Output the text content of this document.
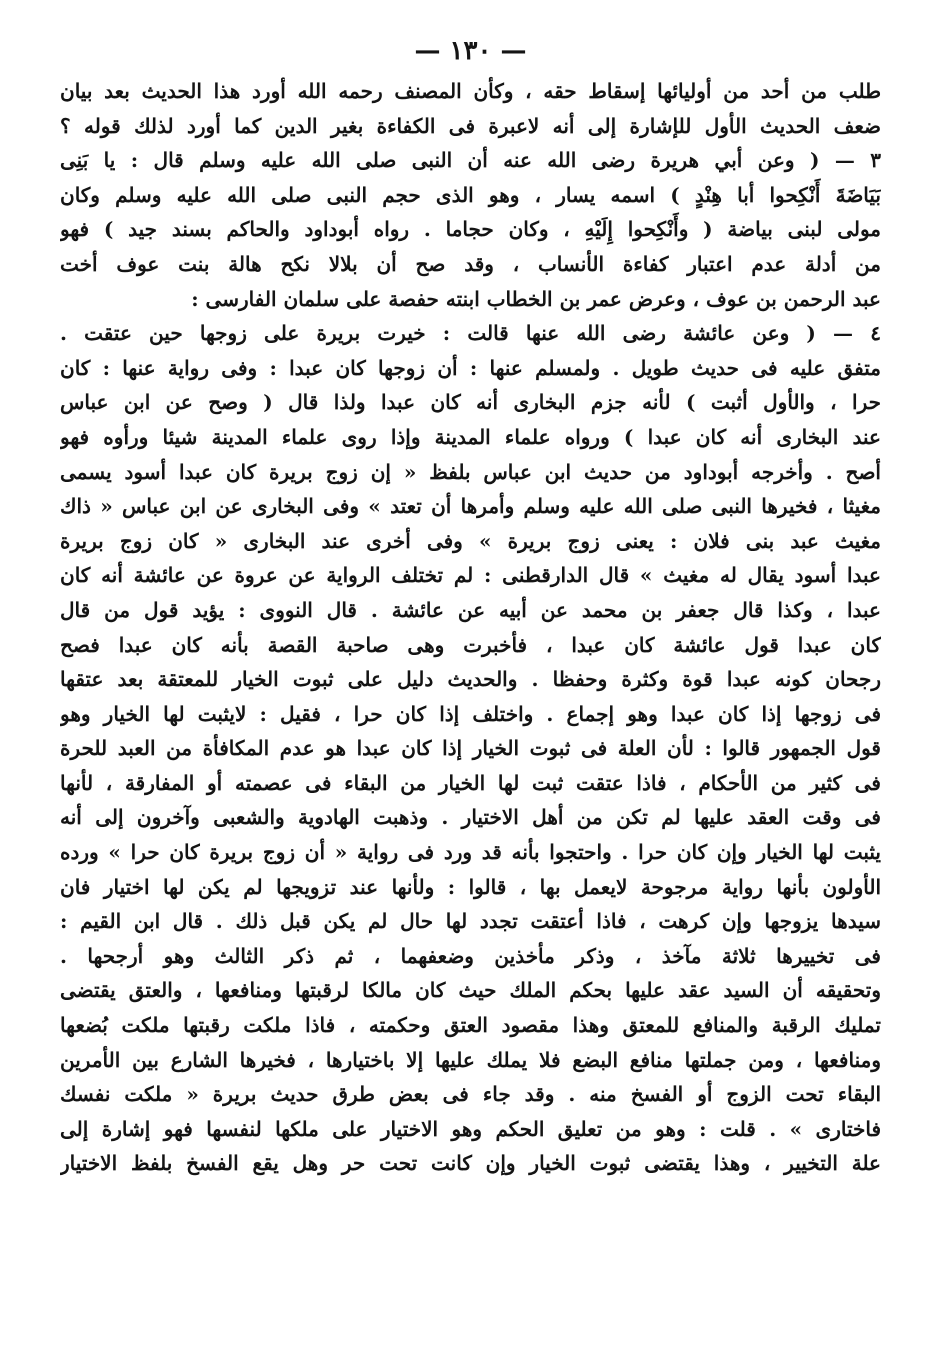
— ١٣٠ —
طلب من أحد من أوليائها إسقاط حقه ، وكأن المصنف رحمه الله أورد هذا الحديث بعد بيان
ضعف الحديث الأول للإشارة إلى أنه لاعبرة فى الكفاءة بغير الدين كما أورد لذلك قوله ؟
٣ — ( وعن أبي هريرة رضى الله عنه أن النبى صلى الله عليه وسلم قال : يا بَنِى
بَيَاضَةَ أَنْكِحوا أبا هِنْدٍ ) اسمه يسار ، وهو الذى حجم النبى صلى الله عليه وسلم وكان
مولى لبنى بياضة ( وأَنْكِحوا إِلَيْهِ ، وكان حجاما . رواه أبوداود والحاكم بسند جيد ) فهو
من أدلة عدم اعتبار كفاءة الأنساب ، وقد صح أن بلالا نكح هالة بنت عوف أخت
عبد الرحمن بن عوف ، وعرض عمر بن الخطاب ابنته حفصة على سلمان الفارسى :
٤ — ( وعن عائشة رضى الله عنها قالت : خيرت بريرة على زوجها حين عتقت .
متفق عليه فى حديث طويل . ولمسلم عنها : أن زوجها كان عبدا : وفى رواية عنها : كان
حرا ، والأول أثبت ) لأنه جزم البخارى أنه كان عبدا ولذا قال ( وصح عن ابن عباس
عند البخارى أنه كان عبدا ) ورواه علماء المدينة وإذا روى علماء المدينة شيئا ورأوه فهو
أصح . وأخرجه أبوداود من حديث ابن عباس بلفظ « إن زوج بريرة كان عبدا أسود يسمى
مغيثا ، فخيرها النبى صلى الله عليه وسلم وأمرها أن تعتد » وفى البخارى عن ابن عباس « ذاك
مغيث عبد بنى فلان : يعنى زوج بريرة » وفى أخرى عند البخارى « كان زوج بريرة
عبدا أسود يقال له مغيث » قال الدارقطنى : لم تختلف الرواية عن عروة عن عائشة أنه كان
عبدا ، وكذا قال جعفر بن محمد عن أبيه عن عائشة . قال النووى : يؤيد قول من قال
كان عبدا قول عائشة كان عبدا ، فأخبرت وهى صاحبة القصة بأنه كان عبدا فصح
رجحان كونه عبدا قوة وكثرة وحفظا . والحديث دليل على ثبوت الخيار للمعتقة بعد عتقها
فى زوجها إذا كان عبدا وهو إجماع . واختلف إذا كان حرا ، فقيل : لايثبت لها الخيار وهو
قول الجمهور قالوا : لأن العلة فى ثبوت الخيار إذا كان عبدا هو عدم المكافأة من العبد للحرة
فى كثير من الأحكام ، فاذا عتقت ثبت لها الخيار من البقاء فى عصمته أو المفارقة ، لأنها
فى وقت العقد عليها لم تكن من أهل الاختيار . وذهبت الهادوية والشعبى وآخرون إلى أنه
يثبت لها الخيار وإن كان حرا . واحتجوا بأنه قد ورد فى رواية « أن زوج بريرة كان حرا » ورده
الأولون بأنها رواية مرجوحة لايعمل بها ، قالوا : ولأنها عند تزويجها لم يكن لها اختيار فان
سيدها يزوجها وإن كرهت ، فاذا أعتقت تجدد لها حال لم يكن قبل ذلك . قال ابن القيم :
فى تخييرها ثلاثة مآخذ ، وذكر مأخذين وضعفهما ، ثم ذكر الثالث وهو أرجحها .
وتحقيقه أن السيد عقد عليها بحكم الملك حيث كان مالكا لرقبتها ومنافعها ، والعتق يقتضى
تمليك الرقبة والمنافع للمعتق وهذا مقصود العتق وحكمته ، فاذا ملكت رقبتها ملكت بُضعها
ومنافعها ، ومن جملتها منافع البضع فلا يملك عليها إلا باختيارها ، فخيرها الشارع بين الأمرين
البقاء تحت الزوج أو الفسخ منه . وقد جاء فى بعض طرق حديث بريرة « ملكت نفسك
فاختارى » . قلت : وهو من تعليق الحكم وهو الاختيار على ملكها لنفسها فهو إشارة إلى
علة التخيير ، وهذا يقتضى ثبوت الخيار وإن كانت تحت حر وهل يقع الفسخ بلفظ الاختيار
